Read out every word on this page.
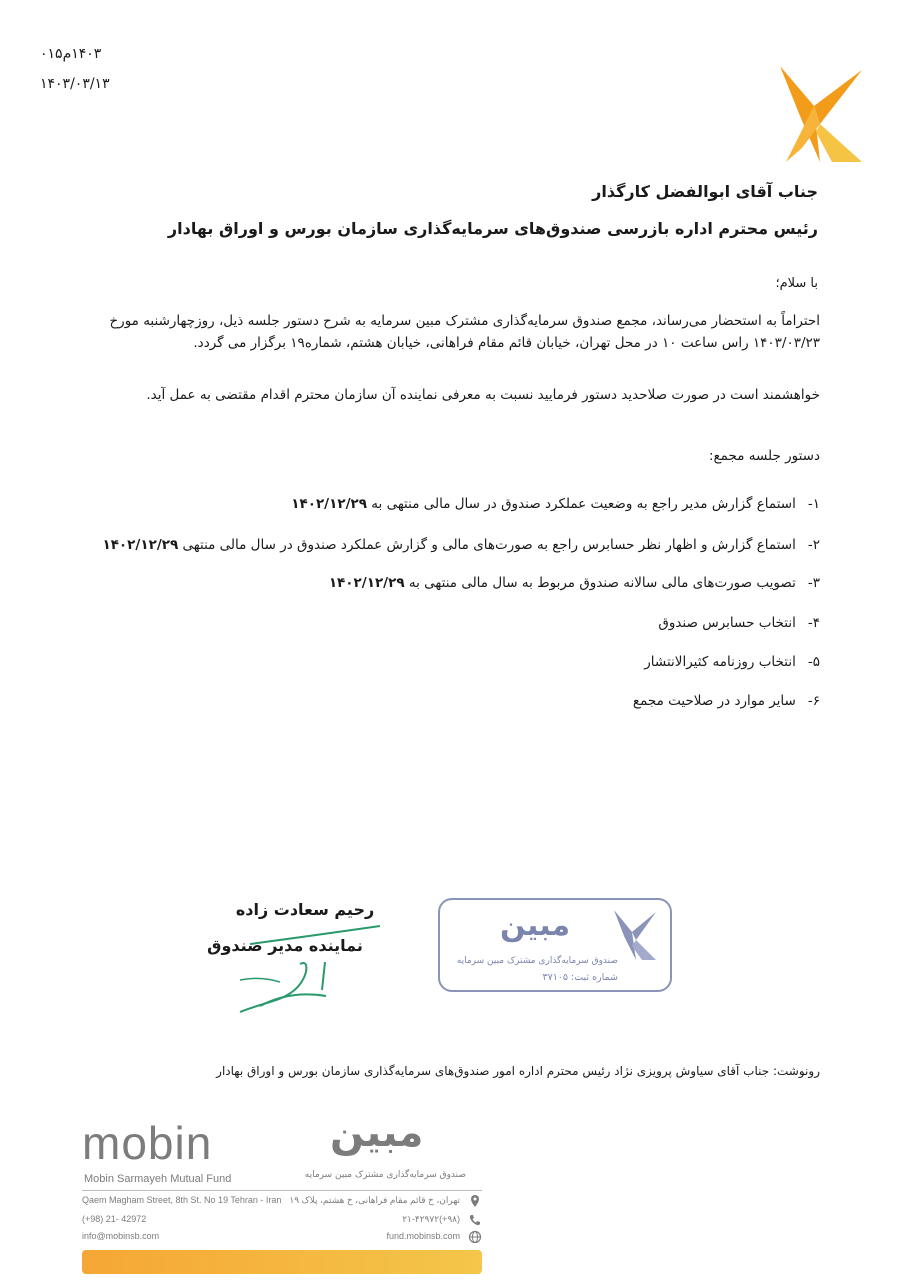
۱۴۰۳م۰۱۵
۱۴۰۳/۰۳/۱۳
جناب آقای ابوالفضل کارگذار
رئیس محترم اداره بازرسی صندوق‌های سرمایه‌گذاری سازمان بورس و اوراق بهادار
با سلام؛
احتراماً به استحضار می‌رساند، مجمع صندوق سرمایه‌گذاری مشترک مبین سرمایه به شرح دستور جلسه ذیل، روزچهارشنبه مورخ ۱۴۰۳/۰۳/۲۳ راس ساعت ۱۰ در محل تهران، خیابان قائم مقام فراهانی، خیابان هشتم، شماره۱۹ برگزار می گردد.
خواهشمند است در صورت صلاحدید دستور فرمایید نسبت به معرفی نماینده آن سازمان محترم اقدام مقتضی به عمل آید.
دستور جلسه مجمع:
۱-استماع گزارش مدیر راجع به وضعیت عملکرد صندوق در سال مالی منتهی به ۱۴۰۲/۱۲/۲۹
۲-استماع گزارش و اظهار نظر حسابرس راجع به صورت‌های مالی و گزارش عملکرد صندوق در سال مالی منتهی ۱۴۰۲/۱۲/۲۹
۳-تصویب صورت‌های مالی سالانه صندوق مربوط به سال مالی منتهی به ۱۴۰۲/۱۲/۲۹
۴-انتخاب حسابرس صندوق
۵-انتخاب روزنامه کثیرالانتشار
۶-سایر موارد در صلاحیت مجمع
رحیم سعادت زاده
نماینده مدیر صندوق
مبین
صندوق سرمایه‌گذاری مشترک مبین سرمایه
شماره ثبت: ۳۷۱۰۵
رونوشت: جناب آقای سیاوش پرویزی نژاد رئیس محترم اداره امور صندوق‌های سرمایه‌گذاری سازمان بورس و اوراق بهادار
mobin
Mobin Sarmayeh Mutual Fund
مبین
صندوق سرمایه‌گذاری مشترک مبین سرمایه
Qaem Magham Street, 8th St. No 19 Tehran - Iran تهران، خ قائم مقام فراهانی، خ هشتم، پلاک ۱۹
(+98) 21- 42972	(۹۸+)۲۱-۴۲۹۷۲
info@mobinsb.com	fund.mobinsb.com
